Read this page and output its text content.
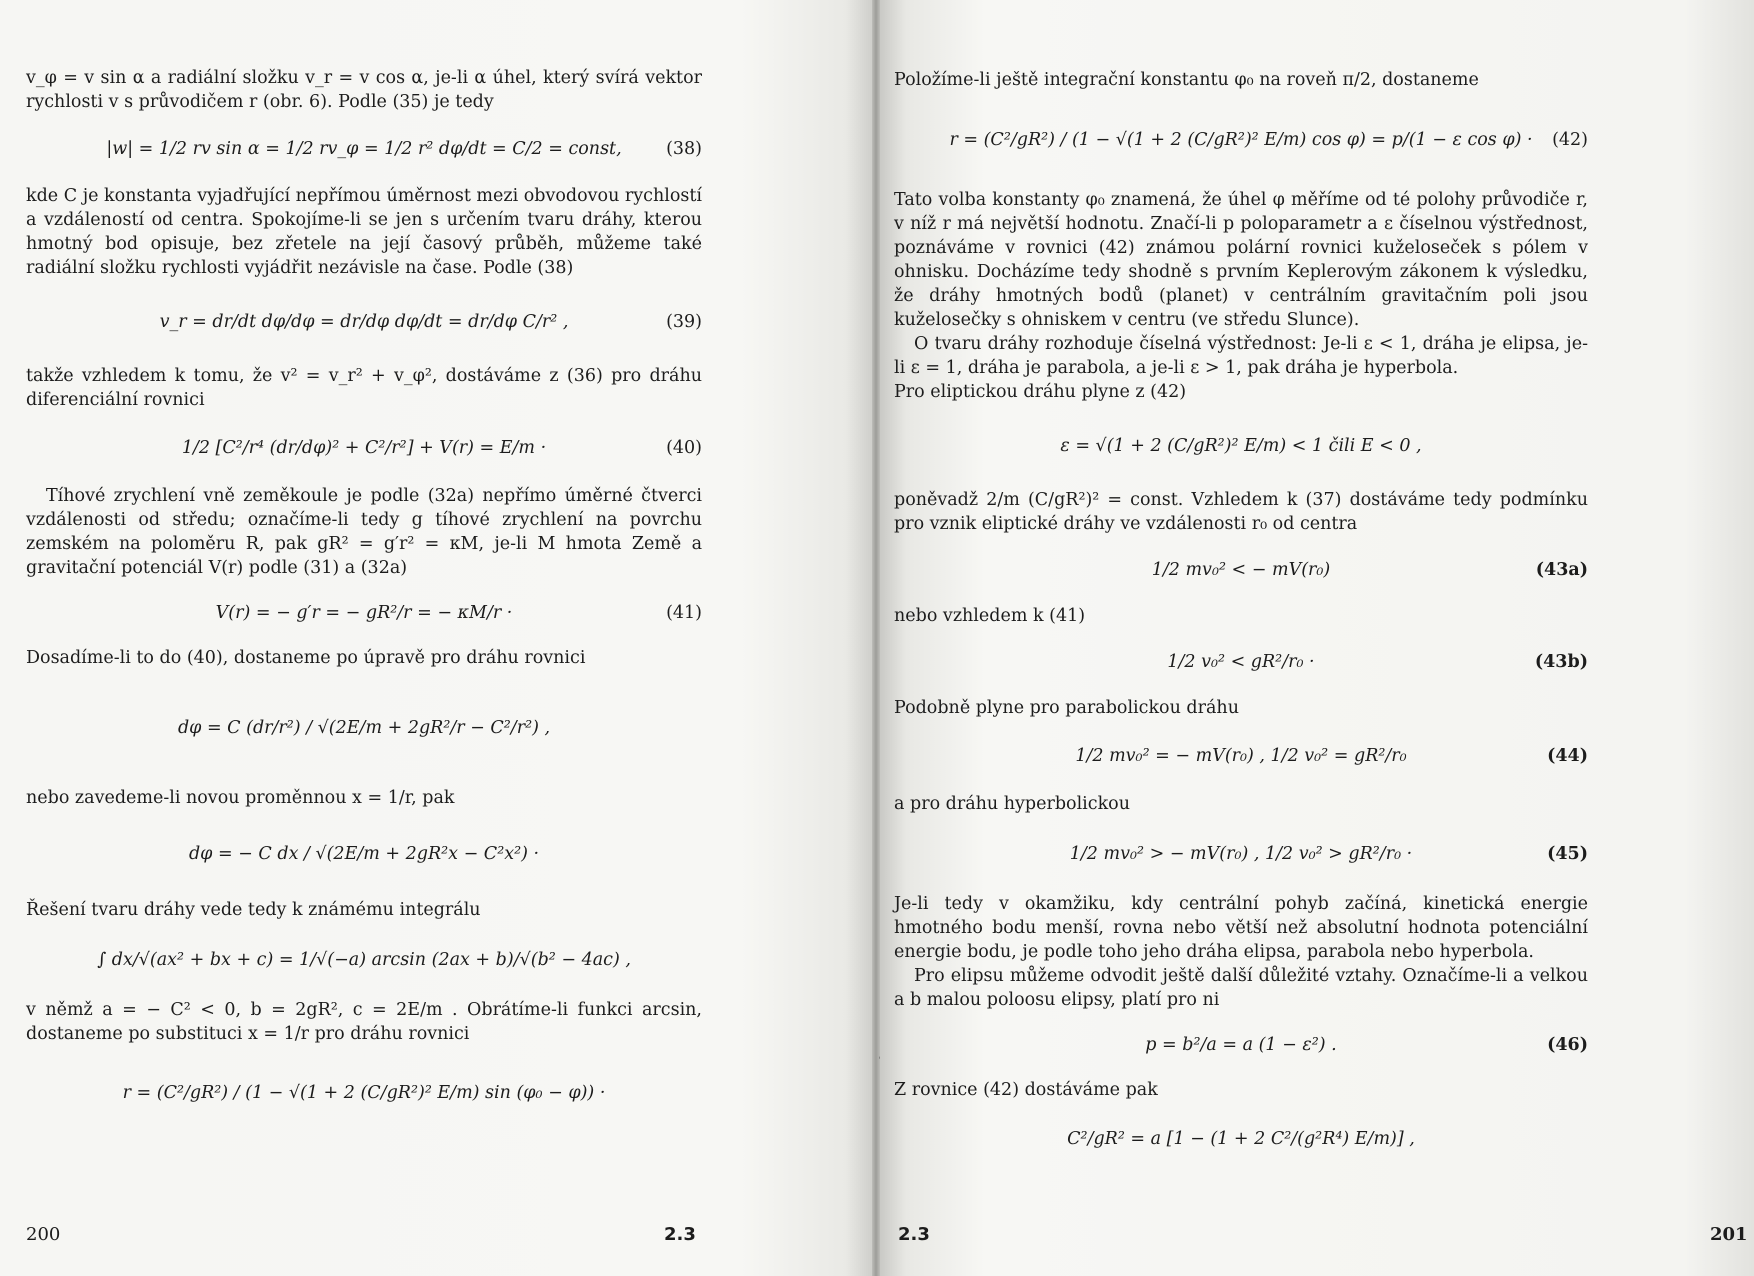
v_φ = v sin α a radiální složku v_r = v cos α, je-li α úhel, který svírá vektor rychlosti v s průvodičem r (obr. 6). Podle (35) je tedy

|w| = 1/2 rv sin α = 1/2 rv_φ = 1/2 r² dφ/dt = C/2 = const,	(38)

kde C je konstanta vyjadřující nepřímou úměrnost mezi obvodovou rychlostí a vzdáleností od centra. Spokojíme-li se jen s určením tvaru dráhy, kterou hmotný bod opisuje, bez zřetele na její časový průběh, můžeme také radiální složku rychlosti vyjádřit nezávisle na čase. Podle (38)

v_r = dr/dt dφ/dφ = dr/dφ dφ/dt = dr/dφ C/r² ,	(39)

takže vzhledem k tomu, že v² = v_r² + v_φ², dostáváme z (36) pro dráhu diferenciální rovnici

1/2 [C²/r⁴ (dr/dφ)² + C²/r²] + V(r) = E/m ·	(40)

Tíhové zrychlení vně zeměkoule je podle (32a) nepřímo úměrné čtverci vzdálenosti od středu; označíme-li tedy g tíhové zrychlení na povrchu zemském na poloměru R, pak gR² = g′r² = κM, je-li M hmota Země a gravitační potenciál V(r) podle (31) a (32a)

V(r) = − g′r = − gR²/r = − κM/r ·	(41)

Dosadíme-li to do (40), dostaneme po úpravě pro dráhu rovnici

dφ = C (dr/r²) / √(2E/m + 2gR²/r − C²/r²) ,

nebo zavedeme-li novou proměnnou x = 1/r, pak

dφ = − C dx / √(2E/m + 2gR²x − C²x²) ·

Řešení tvaru dráhy vede tedy k známému integrálu

∫ dx/√(ax² + bx + c) = 1/√(−a) arcsin (2ax + b)/√(b² − 4ac) ,

v němž a = − C² < 0, b = 2gR², c = 2E/m . Obrátíme-li funkci arcsin, dostaneme po substituci x = 1/r pro dráhu rovnici

r = (C²/gR²) / (1 − √(1 + 2 (C/gR²)² E/m) sin (φ₀ − φ)) ·
200	2.3

Položíme-li ještě integrační konstantu φ₀ na roveň π/2, dostaneme

r = (C²/gR²) / (1 − √(1 + 2 (C/gR²)² E/m) cos φ) = p/(1 − ε cos φ) · (42)

Tato volba konstanty φ₀ znamená, že úhel φ měříme od té polohy průvodiče r, v níž r má největší hodnotu. Značí-li p poloparametr a ε číselnou výstřednost, poznáváme v rovnici (42) známou polární rovnici kuželoseček s pólem v ohnisku. Docházíme tedy shodně s prvním Keplerovým zákonem k výsledku, že dráhy hmotných bodů (planet) v centrálním gravitačním poli jsou kuželosečky s ohniskem v centru (ve středu Slunce).

O tvaru dráhy rozhoduje číselná výstřednost: Je-li ε < 1, dráha je elipsa, je-li ε = 1, dráha je parabola, a je-li ε > 1, pak dráha je hyperbola.

Pro eliptickou dráhu plyne z (42)

ε = √(1 + 2 (C/gR²)² E/m) < 1 čili E < 0 ,

poněvadž 2/m (C/gR²)² = const. Vzhledem k (37) dostáváme tedy podmínku pro vznik eliptické dráhy ve vzdálenosti r₀ od centra

1/2 mv₀² < − mV(r₀)	(43a)

nebo vzhledem k (41)

1/2 v₀² < gR²/r₀ ·	(43b)

Podobně plyne pro parabolickou dráhu

1/2 mv₀² = − mV(r₀) , 1/2 v₀² = gR²/r₀	(44)

a pro dráhu hyperbolickou

1/2 mv₀² > − mV(r₀) , 1/2 v₀² > gR²/r₀ ·	(45)

Je-li tedy v okamžiku, kdy centrální pohyb začíná, kinetická energie hmotného bodu menší, rovna nebo větší než absolutní hodnota potenciální energie bodu, je podle toho jeho dráha elipsa, parabola nebo hyperbola.

Pro elipsu můžeme odvodit ještě další důležité vztahy. Označíme-li a velkou a b malou poloosu elipsy, platí pro ni

p = b²/a = a (1 − ε²) .	(46)

Z rovnice (42) dostáváme pak

C²/gR² = a [1 − (1 + 2 C²/(g²R⁴) E/m)] ,
2.3	201
